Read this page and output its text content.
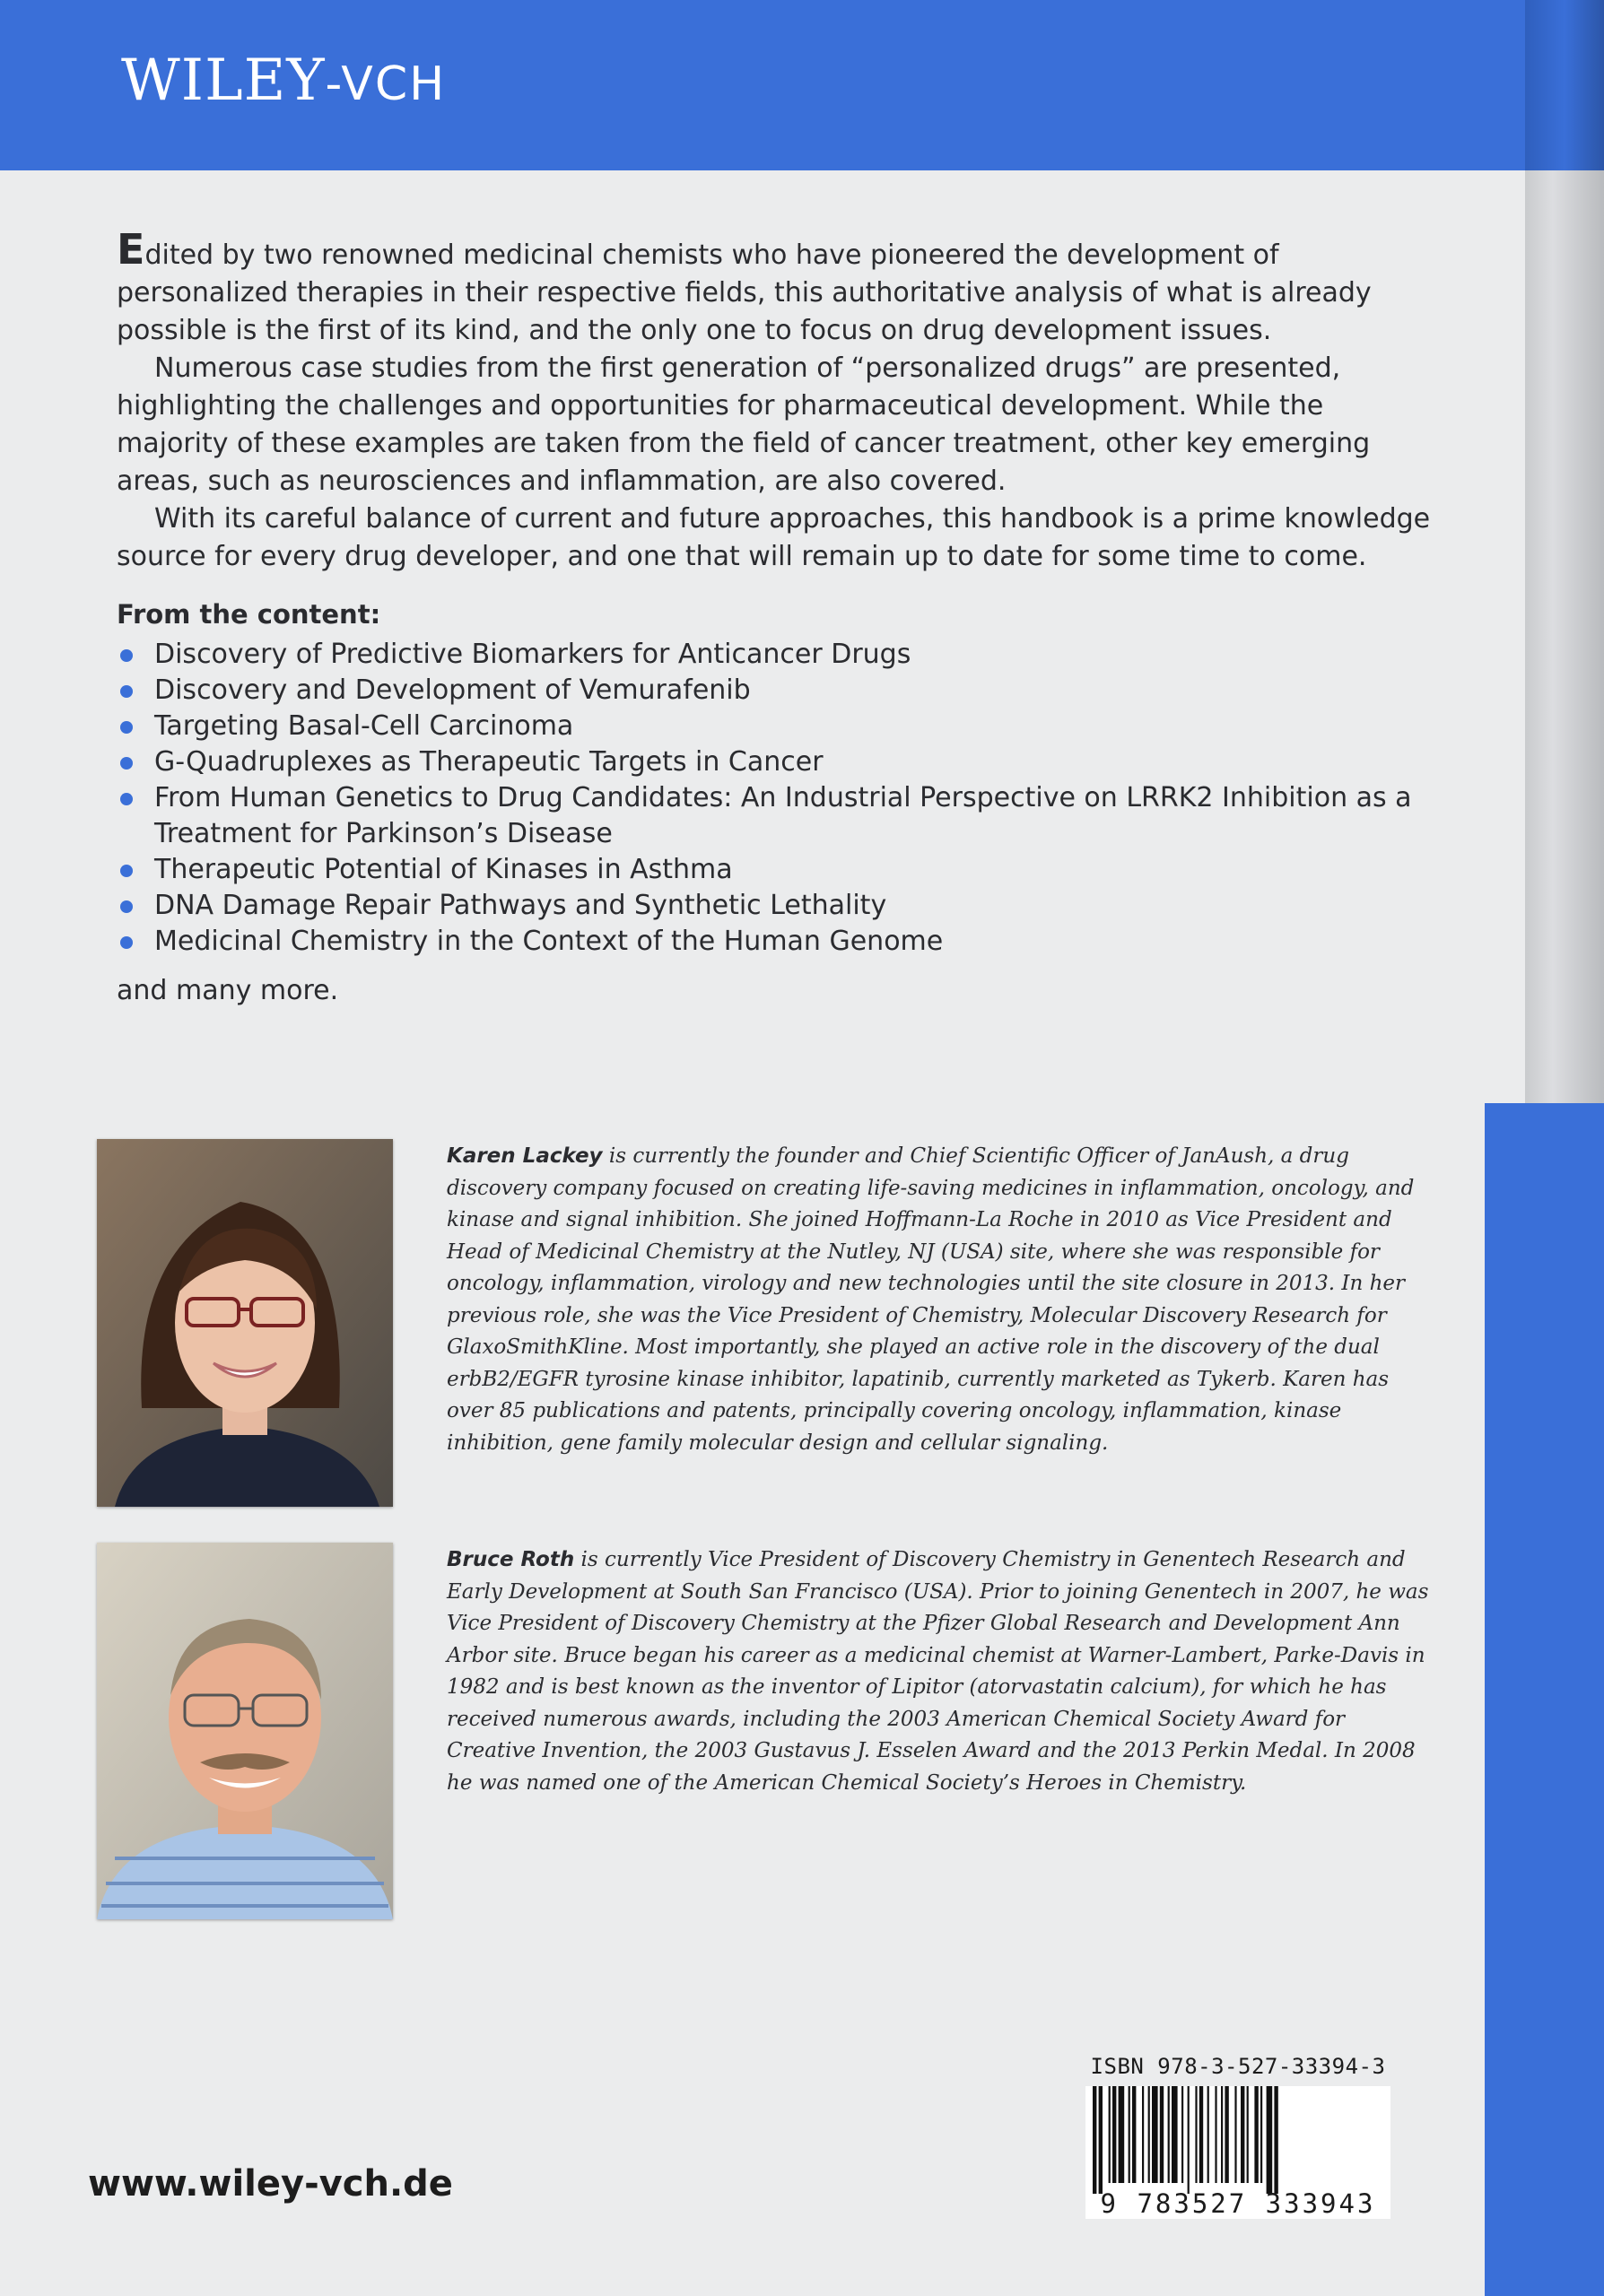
WILEY-VCH

Edited by two renowned medicinal chemists who have pioneered the development of personalized therapies in their respective fields, this authoritative analysis of what is already possible is the first of its kind, and the only one to focus on drug development issues.

Numerous case studies from the first generation of “personalized drugs” are presented, highlighting the challenges and opportunities for pharmaceutical development. While the majority of these examples are taken from the field of cancer treatment, other key emerging areas, such as neurosciences and inflammation, are also covered.

With its careful balance of current and future approaches, this handbook is a prime knowledge source for every drug developer, and one that will remain up to date for some time to come.

From the content:
Discovery of Predictive Biomarkers for Anticancer Drugs
Discovery and Development of Vemurafenib
Targeting Basal-Cell Carcinoma
G-Quadruplexes as Therapeutic Targets in Cancer
From Human Genetics to Drug Candidates: An Industrial Perspective on LRRK2 Inhibition as a Treatment for Parkinson’s Disease
Therapeutic Potential of Kinases in Asthma
DNA Damage Repair Pathways and Synthetic Lethality
Medicinal Chemistry in the Context of the Human Genome
and many more.
Karen Lackey is currently the founder and Chief Scientific Officer of JanAush, a drug discovery company focused on creating life-saving medicines in inflammation, oncology, and kinase and signal inhibition. She joined Hoffmann-La Roche in 2010 as Vice President and Head of Medicinal Chemistry at the Nutley, NJ (USA) site, where she was responsible for oncology, inflammation, virology and new technologies until the site closure in 2013. In her previous role, she was the Vice President of Chemistry, Molecular Discovery Research for GlaxoSmithKline. Most importantly, she played an active role in the discovery of the dual erbB2/EGFR tyrosine kinase inhibitor, lapatinib, currently marketed as Tykerb. Karen has over 85 publications and patents, principally covering oncology, inflammation, kinase inhibition, gene family molecular design and cellular signaling.
Bruce Roth is currently Vice President of Discovery Chemistry in Genentech Research and Early Development at South San Francisco (USA). Prior to joining Genentech in 2007, he was Vice President of Discovery Chemistry at the Pfizer Global Research and Development Ann Arbor site. Bruce began his career as a medicinal chemist at Warner-Lambert, Parke-Davis in 1982 and is best known as the inventor of Lipitor (atorvastatin calcium), for which he has received numerous awards, including the 2003 American Chemical Society Award for Creative Invention, the 2003 Gustavus J. Esselen Award and the 2013 Perkin Medal. In 2008 he was named one of the American Chemical Society’s Heroes in Chemistry.
ISBN 978-3-527-33394-3
9 783527 333943
www.wiley-vch.de
